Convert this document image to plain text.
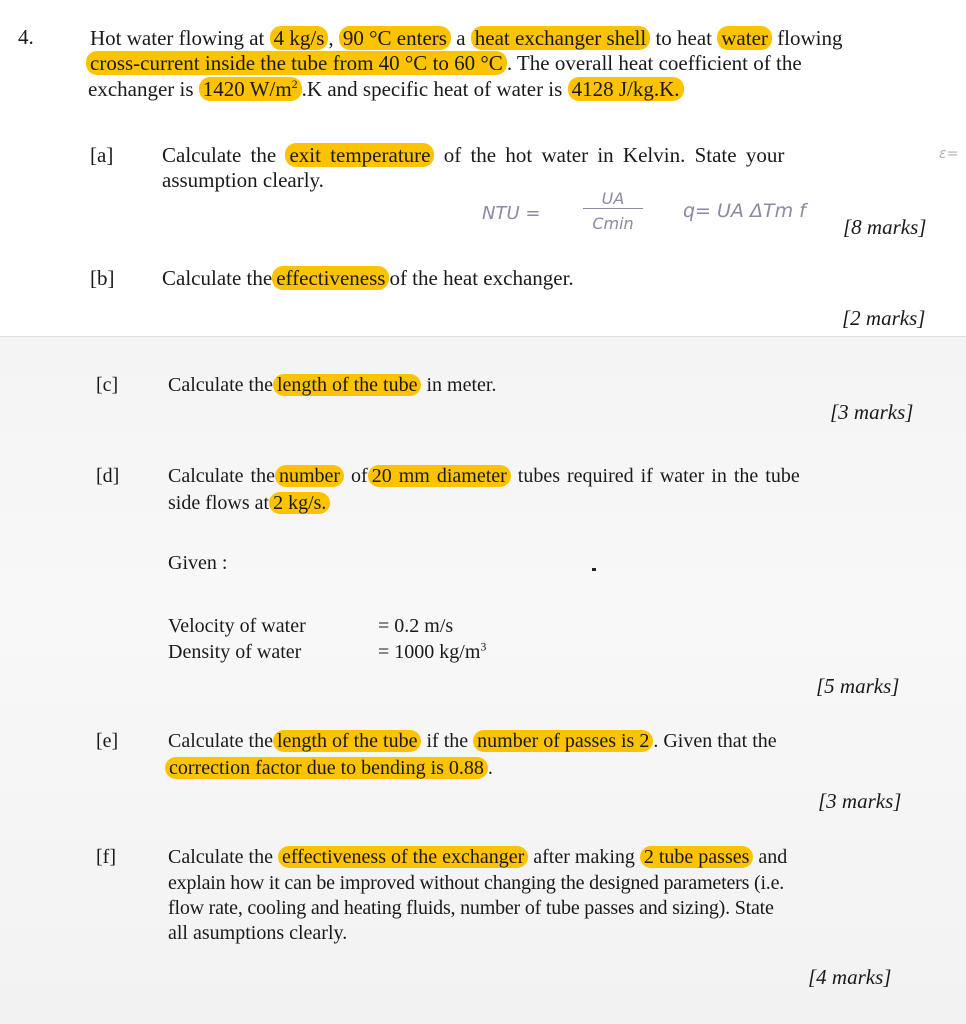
4.	Hot water flowing at 4 kg/s , 90 °C enters a heat exchanger shell to heat water flowing
cross-current inside the tube from 40 °C to 60 °C . The overall heat coefficient of the
exchanger is 1420 $W/m^2$ .K and specific heat of water is 4128 J/kg.K.
[a] Calculate the exit temperature of the hot water in Kelvin. State your
assumption clearly.
[8 marks]
NTU =
UA
Cmin
q= UA ΔTm f
ε=
[b] Calculate the effectiveness of the heat exchanger.
[2 marks]
[c] Calculate the length of the tube in meter.
[3 marks]
[d] Calculate the number of 20 mm diameter tubes required if water in the tube
side flows at 2 kg/s.
Given :
Velocity of water	= 0.2 m/s
Density of water	= 1000 $kg/m^3$
[5 marks]
[e] Calculate the length of the tube if the number of passes is 2 . Given that the
correction factor due to bending is 0.88 .
[3 marks]
[f]	Calculate the effectiveness of the exchanger after making 2 tube passes and
explain how it can be improved without changing the designed parameters (i.e.
flow rate, cooling and heating fluids, number of tube passes and sizing). State
all asumptions clearly.
[4 marks]
